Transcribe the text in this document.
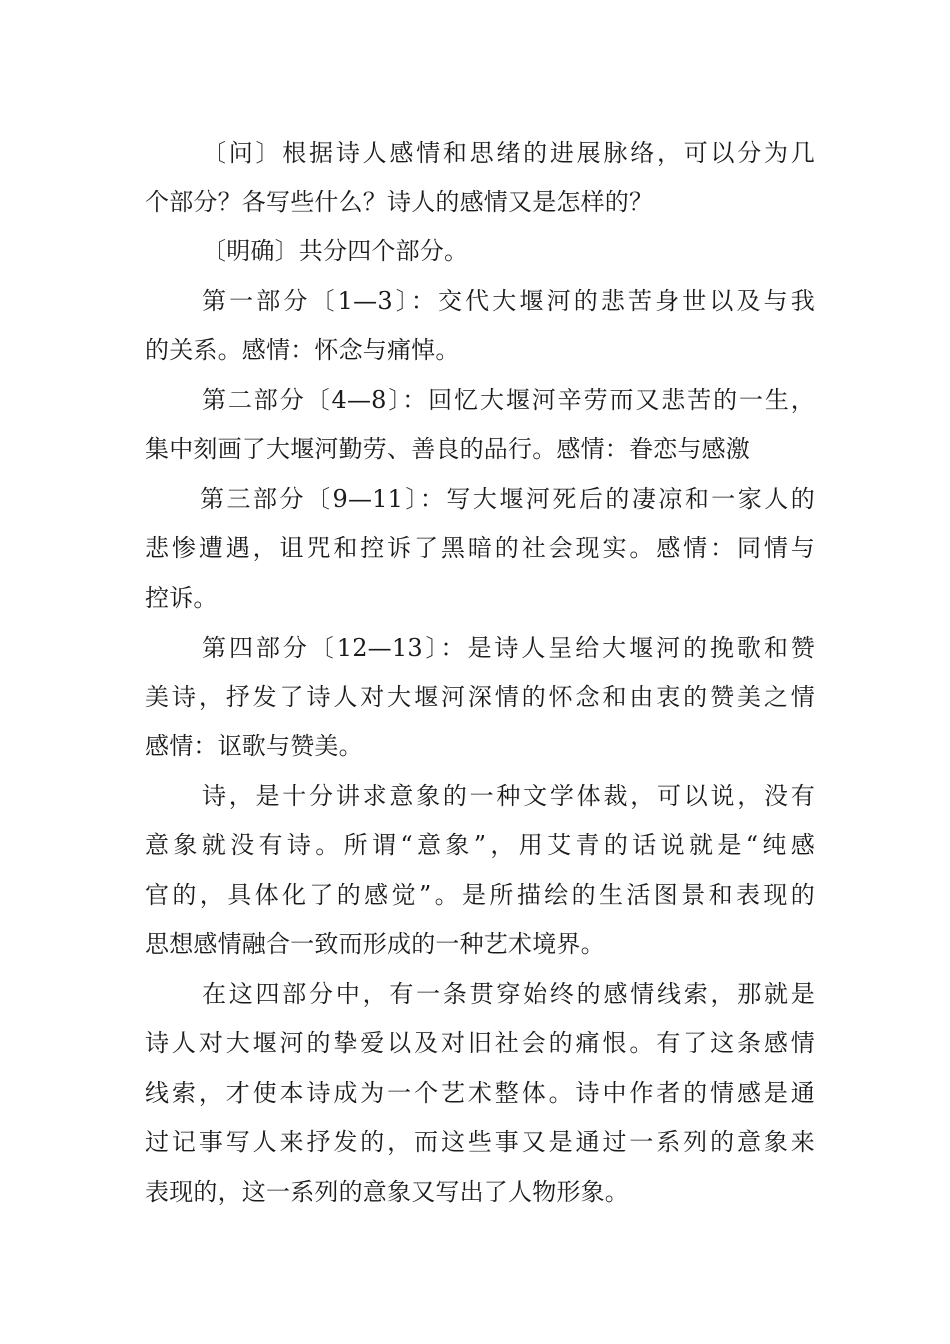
〔问〕根据诗人感情和思绪的进展脉络，可以分为几
个部分？各写些什么？诗人的感情又是怎样的？
〔明确〕共分四个部分。
第一部分〔1—3〕：交代大堰河的悲苦身世以及与我
的关系。感情：怀念与痛悼。
第二部分〔4—8〕：回忆大堰河辛劳而又悲苦的一生，
集中刻画了大堰河勤劳、善良的品行。感情：眷恋与感激
第三部分〔9—11〕：写大堰河死后的凄凉和一家人的
悲惨遭遇，诅咒和控诉了黑暗的社会现实。感情：同情与
控诉。
第四部分〔12—13〕：是诗人呈给大堰河的挽歌和赞
美诗，抒发了诗人对大堰河深情的怀念和由衷的赞美之情
感情：讴歌与赞美。
诗，是十分讲求意象的一种文学体裁，可以说，没有
意象就没有诗。所谓“意象”，用艾青的话说就是“纯感
官的，具体化了的感觉”。是所描绘的生活图景和表现的
思想感情融合一致而形成的一种艺术境界。
在这四部分中，有一条贯穿始终的感情线索，那就是
诗人对大堰河的挚爱以及对旧社会的痛恨。有了这条感情
线索，才使本诗成为一个艺术整体。诗中作者的情感是通
过记事写人来抒发的，而这些事又是通过一系列的意象来
表现的，这一系列的意象又写出了人物形象。
